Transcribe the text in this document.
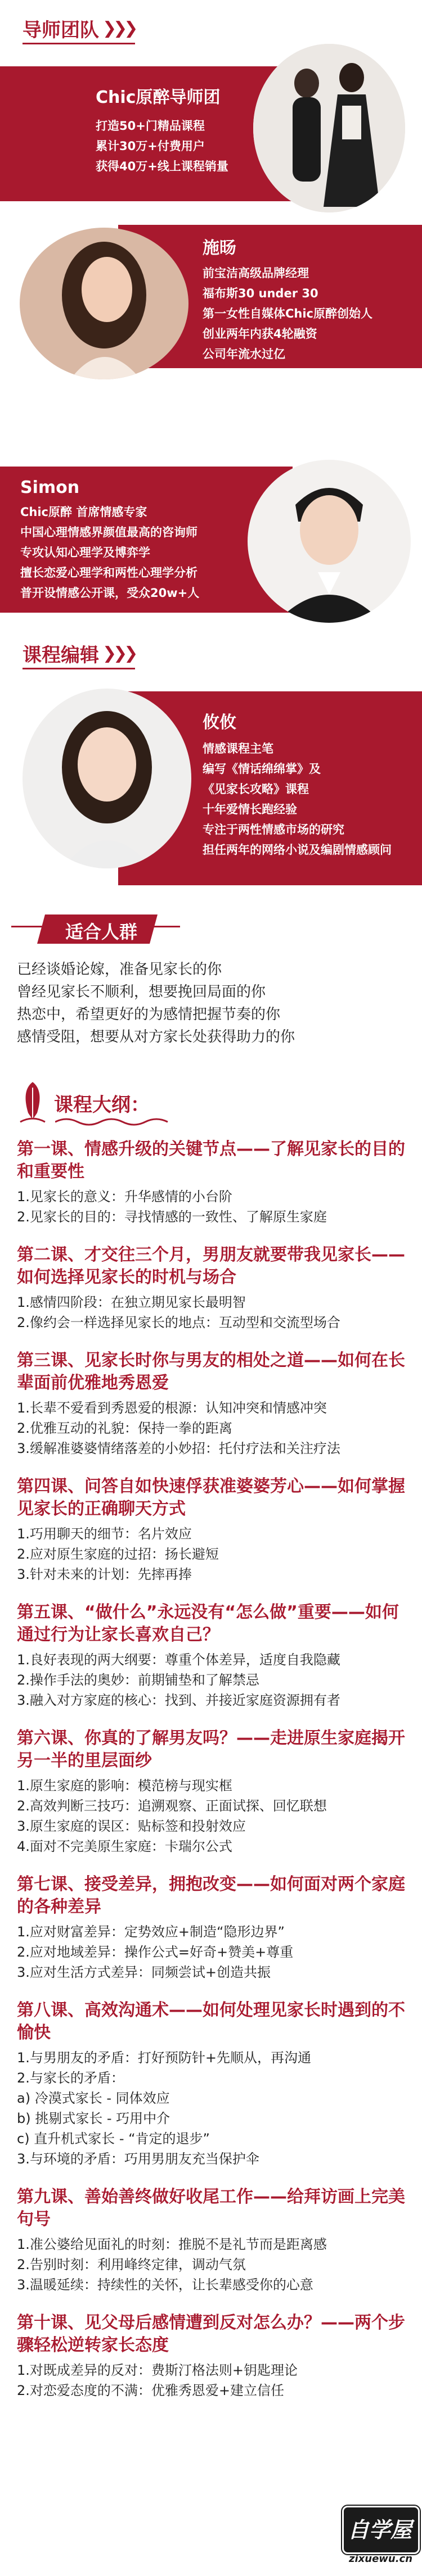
导师团队 ❯❯❯
Chic原醉导师团
打造50+门精品课程
累计30万+付费用户
获得40万+线上课程销量
施旸
前宝洁高级品牌经理
福布斯30 under 30
第一女性自媒体Chic原醉创始人
创业两年内获4轮融资
公司年流水过亿
Simon
Chic原醉 首席情感专家
中国心理情感界颜值最高的咨询师
专攻认知心理学及博弈学
擅长恋爱心理学和两性心理学分析
普开设情感公开课，受众20w+人
课程编辑 ❯❯❯
攸攸
情感课程主笔
编写《情话绵绵掌》及
《见家长攻略》课程
十年爱情长跑经验
专注于两性情感市场的研究
担任两年的网络小说及编剧情感顾问
适合人群
已经谈婚论嫁，准备见家长的你
曾经见家长不顺利，想要挽回局面的你
热恋中，希望更好的为感情把握节奏的你
感情受阻，想要从对方家长处获得助力的你
课程大纲：
第一课、情感升级的关键节点——了解见家长的目的和重要性
1.见家长的意义：升华感情的小台阶
2.见家长的目的：寻找情感的一致性、了解原生家庭
第二课、才交往三个月，男朋友就要带我见家长——如何选择见家长的时机与场合
1.感情四阶段：在独立期见家长最明智
2.像约会一样选择见家长的地点：互动型和交流型场合
第三课、见家长时你与男友的相处之道——如何在长辈面前优雅地秀恩爱
1.长辈不爱看到秀恩爱的根源：认知冲突和情感冲突
2.优雅互动的礼貌：保持一拳的距离
3.缓解准婆婆情绪落差的小妙招：托付疗法和关注疗法
第四课、问答自如快速俘获准婆婆芳心——如何掌握见家长的正确聊天方式
1.巧用聊天的细节：名片效应
2.应对原生家庭的过招：扬长避短
3.针对未来的计划：先摔再捧
第五课、“做什么”永远没有“怎么做”重要——如何通过行为让家长喜欢自己？
1.良好表现的两大纲要：尊重个体差异，适度自我隐藏
2.操作手法的奥妙：前期铺垫和了解禁忌
3.融入对方家庭的核心：找到、并接近家庭资源拥有者
第六课、你真的了解男友吗？——走进原生家庭揭开另一半的里层面纱
1.原生家庭的影响：模范榜与现实框
2.高效判断三技巧：追溯观察、正面试探、回忆联想
3.原生家庭的误区：贴标签和投射效应
4.面对不完美原生家庭：卡瑞尔公式
第七课、接受差异，拥抱改变——如何面对两个家庭的各种差异
1.应对财富差异：定势效应+制造“隐形边界”
2.应对地域差异：操作公式=好奇+赞美+尊重
3.应对生活方式差异：同频尝试+创造共振
第八课、高效沟通术——如何处理见家长时遇到的不愉快
1.与男朋友的矛盾：打好预防针+先顺从，再沟通
2.与家长的矛盾：
a) 冷漠式家长 - 同体效应
b) 挑剔式家长 - 巧用中介
c) 直升机式家长 - “肯定的退步”
3.与环境的矛盾：巧用男朋友充当保护伞
第九课、善始善终做好收尾工作——给拜访画上完美句号
1.准公婆给见面礼的时刻：推脱不是礼节而是距离感
2.告别时刻：利用峰终定律，调动气氛
3.温暖延续：持续性的关怀，让长辈感受你的心意
第十课、见父母后感情遭到反对怎么办？——两个步骤轻松逆转家长态度
1.对既成差异的反对：费斯汀格法则+钥匙理论
2.对恋爱态度的不满：优雅秀恩爱+建立信任
自学屋
zixuewu.cn
